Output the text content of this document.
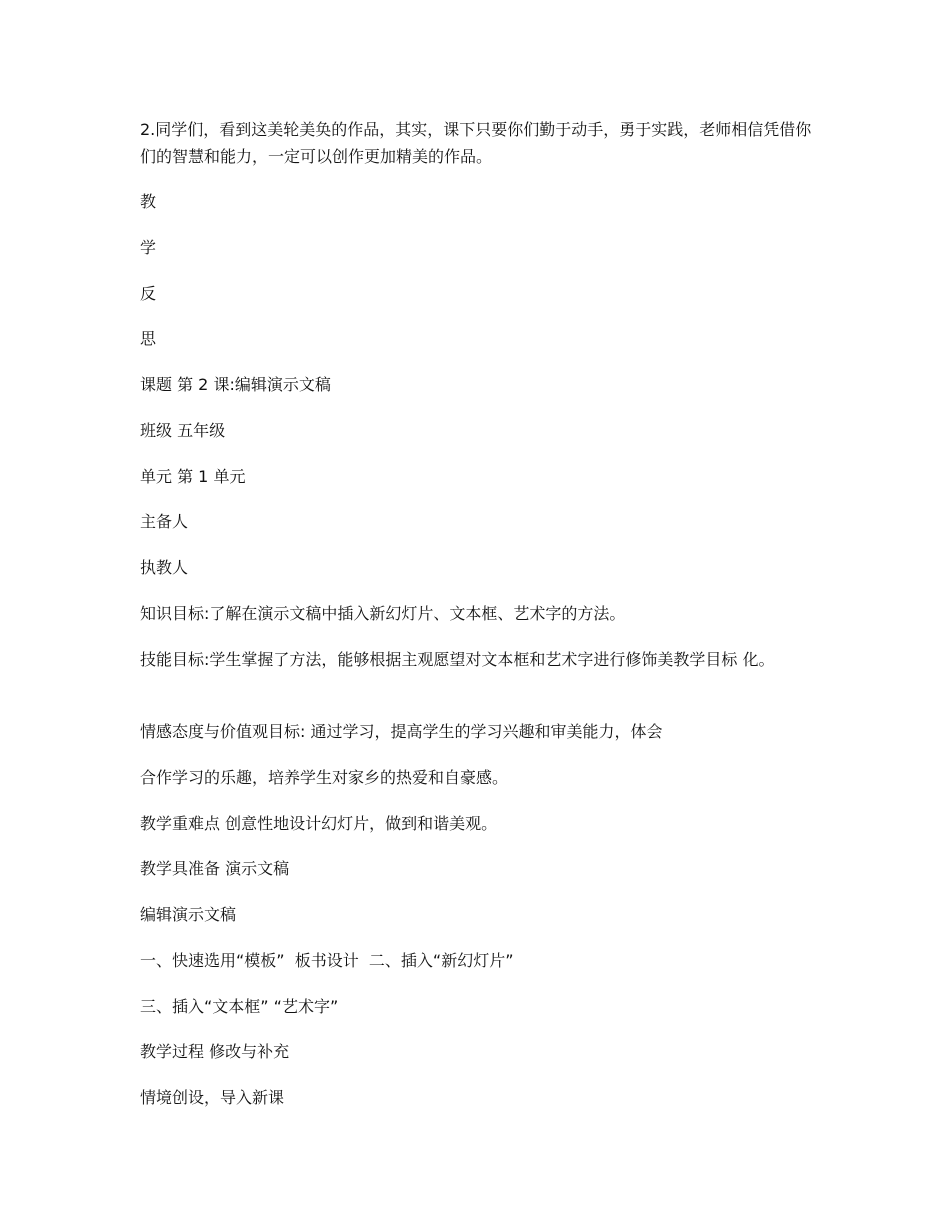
2.同学们，看到这美轮美奂的作品，其实，课下只要你们勤于动手，勇于实践，老师相信凭借你们的智慧和能力，一定可以创作更加精美的作品。

教

学

反

思

课题 第 2 课:编辑演示文稿

班级 五年级

单元 第 1 单元

主备人

执教人

知识目标:了解在演示文稿中插入新幻灯片、文本框、艺术字的方法。

技能目标:学生掌握了方法，能够根据主观愿望对文本框和艺术字进行修饰美教学目标 化。

情感态度与价值观目标: 通过学习，提高学生的学习兴趣和审美能力，体会

合作学习的乐趣，培养学生对家乡的热爱和自豪感。

教学重难点 创意性地设计幻灯片，做到和谐美观。

教学具准备 演示文稿

编辑演示文稿

一、快速选用“模板”  板书设计  二、插入“新幻灯片”

三、插入“文本框” “艺术字”

教学过程 修改与补充

情境创设，导入新课
